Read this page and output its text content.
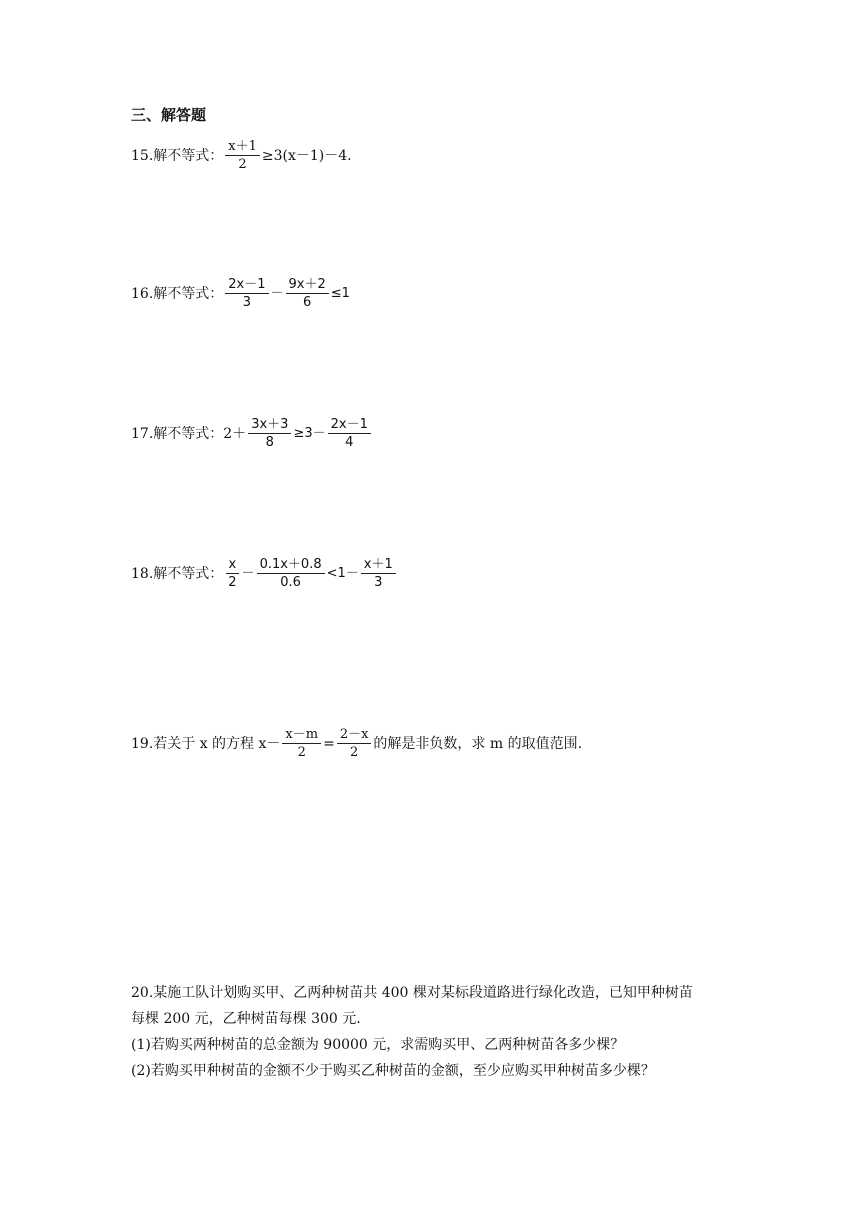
三、解答题
15.解不等式： $\frac{x+1}{2} \ge 3(x-1)-4$.
16.解不等式： $\frac{2x-1}{3} - \frac{9x+2}{6} \le 1$
17.解不等式： $2+ \frac{3x+3}{8} \ge 3- \frac{2x-1}{4}$
18.解不等式： $\frac{x}{2} - \frac{0.1x+0.8}{0.6} <1- \frac{x+1}{3}$
19.若关于 x 的方程 $x- \frac{x-m}{2} = \frac{2-x}{2}$ 的解是非负数，求 m 的取值范围.
20.某施工队计划购买甲、乙两种树苗共 400 棵对某标段道路进行绿化改造，已知甲种树苗
每棵 200 元，乙种树苗每棵 300 元.
(1)若购买两种树苗的总金额为 90000 元，求需购买甲、乙两种树苗各多少棵？
(2)若购买甲种树苗的金额不少于购买乙种树苗的金额，至少应购买甲种树苗多少棵？
